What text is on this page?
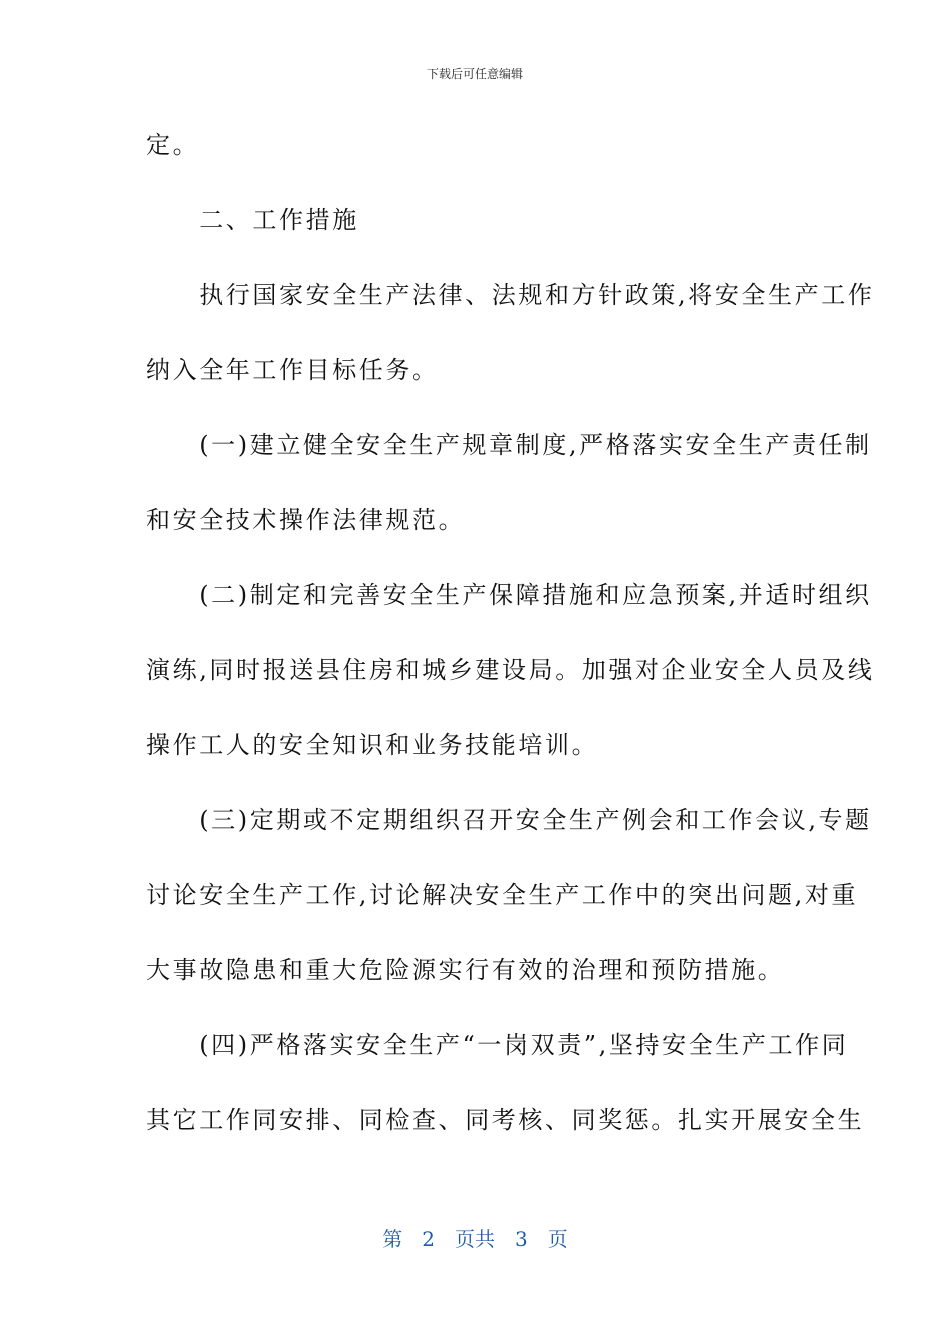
下载后可任意编辑
定。
　　二、工作措施
　　执行国家安全生产法律、法规和方针政策,将安全生产工作
纳入全年工作目标任务。
　　(一)建立健全安全生产规章制度,严格落实安全生产责任制
和安全技术操作法律规范。
　　(二)制定和完善安全生产保障措施和应急预案,并适时组织
演练,同时报送县住房和城乡建设局。加强对企业安全人员及线
操作工人的安全知识和业务技能培训。
　　(三)定期或不定期组织召开安全生产例会和工作会议,专题
讨论安全生产工作,讨论解决安全生产工作中的突出问题,对重
大事故隐患和重大危险源实行有效的治理和预防措施。
　　(四)严格落实安全生产“一岗双责”,坚持安全生产工作同
其它工作同安排、同检查、同考核、同奖惩。扎实开展安全生
第　2　页共　3　页
